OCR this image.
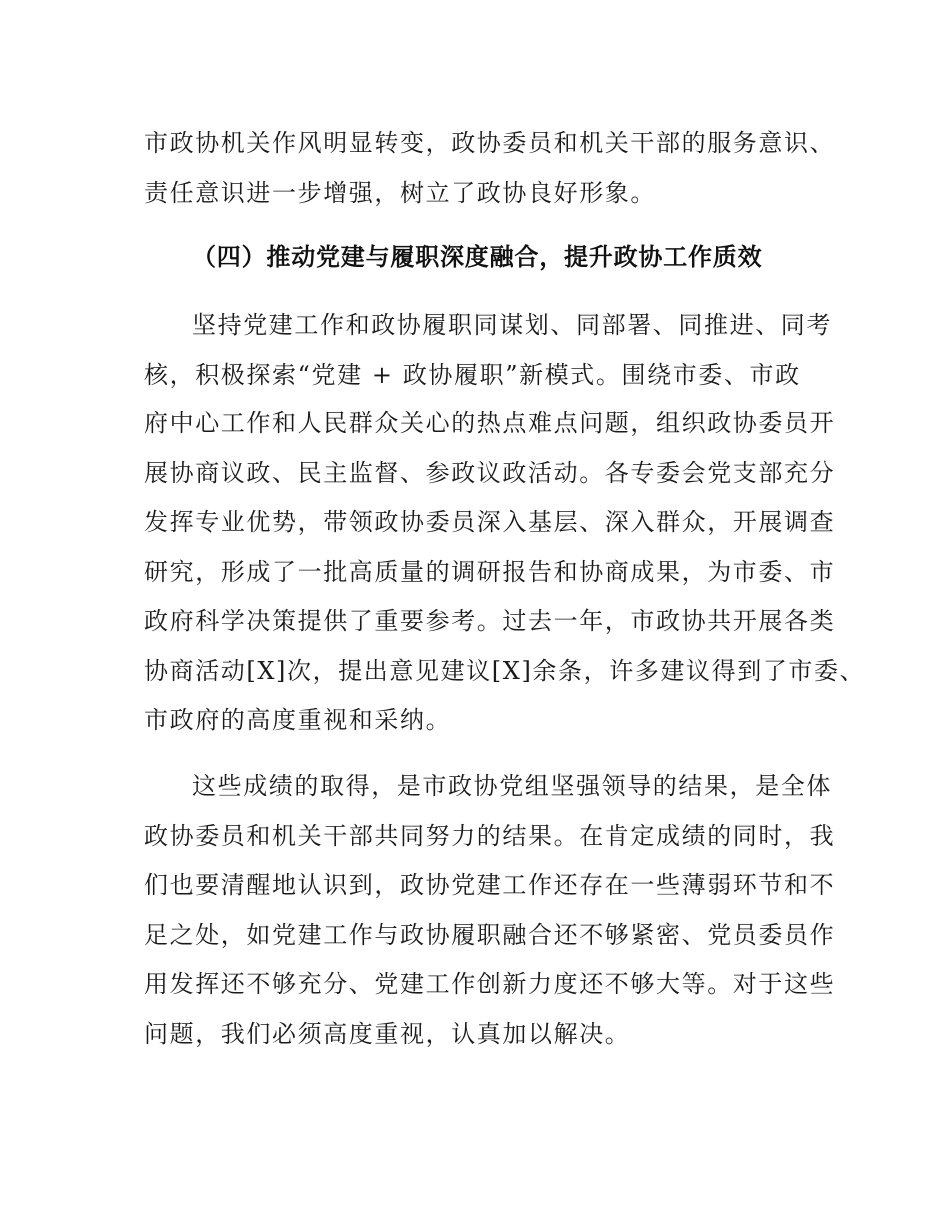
市政协机关作风明显转变，政协委员和机关干部的服务意识、
责任意识进一步增强，树立了政协良好形象。
（四）推动党建与履职深度融合，提升政协工作质效
坚持党建工作和政协履职同谋划、同部署、同推进、同考
核，积极探索“党建 + 政协履职”新模式。围绕市委、市政
府中心工作和人民群众关心的热点难点问题，组织政协委员开
展协商议政、民主监督、参政议政活动。各专委会党支部充分
发挥专业优势，带领政协委员深入基层、深入群众，开展调查
研究，形成了一批高质量的调研报告和协商成果，为市委、市
政府科学决策提供了重要参考。过去一年，市政协共开展各类
协商活动[X]次，提出意见建议[X]余条，许多建议得到了市委、
市政府的高度重视和采纳。
这些成绩的取得，是市政协党组坚强领导的结果，是全体
政协委员和机关干部共同努力的结果。在肯定成绩的同时，我
们也要清醒地认识到，政协党建工作还存在一些薄弱环节和不
足之处，如党建工作与政协履职融合还不够紧密、党员委员作
用发挥还不够充分、党建工作创新力度还不够大等。对于这些
问题，我们必须高度重视，认真加以解决。
